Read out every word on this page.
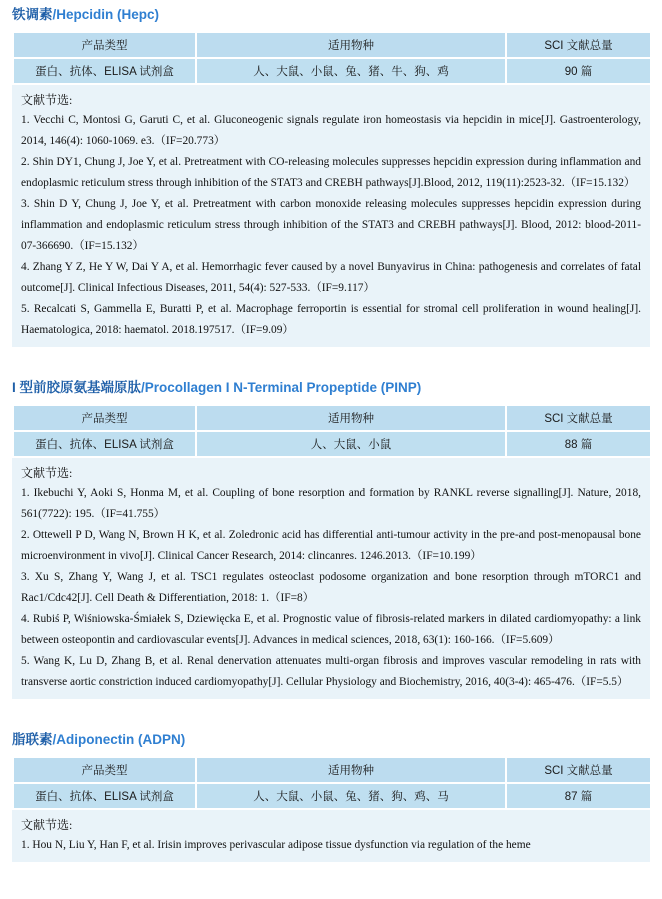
铁调素/Hepcidin (Hepc)
产品类型	适用物种	SCI 文献总量
蛋白、抗体、ELISA 试剂盒	人、大鼠、小鼠、兔、猪、牛、狗、鸡	90 篇
文献节选:

1. Vecchi C, Montosi G, Garuti C, et al. Gluconeogenic signals regulate iron homeostasis via hepcidin in mice[J]. Gastroenterology, 2014, 146(4): 1060-1069. e3.（IF=20.773）

2. Shin DY1, Chung J, Joe Y, et al. Pretreatment with CO-releasing molecules suppresses hepcidin expression during inflammation and endoplasmic reticulum stress through inhibition of the STAT3 and CREBH pathways[J].Blood, 2012, 119(11):2523-32.（IF=15.132）

3. Shin D Y, Chung J, Joe Y, et al. Pretreatment with carbon monoxide releasing molecules suppresses hepcidin expression during inflammation and endoplasmic reticulum stress through inhibition of the STAT3 and CREBH pathways[J]. Blood, 2012: blood-2011-07-366690.（IF=15.132）

4. Zhang Y Z, He Y W, Dai Y A, et al. Hemorrhagic fever caused by a novel Bunyavirus in China: pathogenesis and correlates of fatal outcome[J]. Clinical Infectious Diseases, 2011, 54(4): 527-533.（IF=9.117）

5. Recalcati S, Gammella E, Buratti P, et al. Macrophage ferroportin is essential for stromal cell proliferation in wound healing[J]. Haematologica, 2018: haematol. 2018.197517.（IF=9.09）

I 型前胶原氨基端原肽/Procollagen I N-Terminal Propeptide (PINP)
产品类型	适用物种	SCI 文献总量
蛋白、抗体、ELISA 试剂盒	人、大鼠、小鼠	88 篇
文献节选:

1. Ikebuchi Y, Aoki S, Honma M, et al. Coupling of bone resorption and formation by RANKL reverse signalling[J]. Nature, 2018, 561(7722): 195.（IF=41.755）

2. Ottewell P D, Wang N, Brown H K, et al. Zoledronic acid has differential anti-tumour activity in the pre-and post-menopausal bone microenvironment in vivo[J]. Clinical Cancer Research, 2014: clincanres. 1246.2013.（IF=10.199）

3. Xu S, Zhang Y, Wang J, et al. TSC1 regulates osteoclast podosome organization and bone resorption through mTORC1 and Rac1/Cdc42[J]. Cell Death & Differentiation, 2018: 1.（IF=8）

4. Rubiś P, Wiśniowska-Śmiałek S, Dziewięcka E, et al. Prognostic value of fibrosis-related markers in dilated cardiomyopathy: a link between osteopontin and cardiovascular events[J]. Advances in medical sciences, 2018, 63(1): 160-166.（IF=5.609）

5. Wang K, Lu D, Zhang B, et al. Renal denervation attenuates multi-organ fibrosis and improves vascular remodeling in rats with transverse aortic constriction induced cardiomyopathy[J]. Cellular Physiology and Biochemistry, 2016, 40(3-4): 465-476.（IF=5.5）

脂联素/Adiponectin (ADPN)
产品类型	适用物种	SCI 文献总量
蛋白、抗体、ELISA 试剂盒	人、大鼠、小鼠、兔、猪、狗、鸡、马	87 篇
文献节选:

1. Hou N, Liu Y, Han F, et al. Irisin improves perivascular adipose tissue dysfunction via regulation of the heme
